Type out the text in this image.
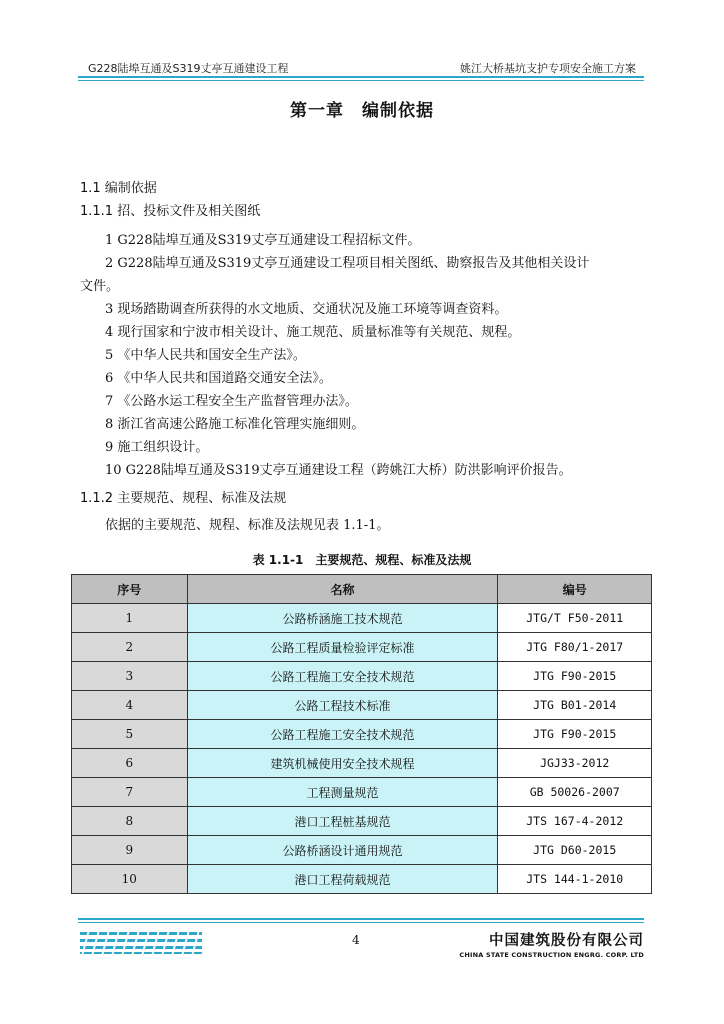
G228陆埠互通及S319丈亭互通建设工程	姚江大桥基坑支护专项安全施工方案
第一章　编制依据
1.1 编制依据
1.1.1 招、投标文件及相关图纸
1 G228陆埠互通及S319丈亭互通建设工程招标文件。
2 G228陆埠互通及S319丈亭互通建设工程项目相关图纸、勘察报告及其他相关设计
文件。
3 现场踏勘调查所获得的水文地质、交通状况及施工环境等调查资料。
4 现行国家和宁波市相关设计、施工规范、质量标准等有关规范、规程。
5 《中华人民共和国安全生产法》。
6 《中华人民共和国道路交通安全法》。
7 《公路水运工程安全生产监督管理办法》。
8 浙江省高速公路施工标准化管理实施细则。
9 施工组织设计。
10 G228陆埠互通及S319丈亭互通建设工程（跨姚江大桥）防洪影响评价报告。
1.1.2 主要规范、规程、标准及法规
依据的主要规范、规程、标准及法规见表 1.1-1。
表 1.1-1　主要规范、规程、标准及法规
序号	名称	编号
1	公路桥涵施工技术规范	JTG/T F50-2011
2	公路工程质量检验评定标准	JTG F80/1-2017
3	公路工程施工安全技术规范	JTG F90-2015
4	公路工程技术标准	JTG B01-2014
5	公路工程施工安全技术规范	JTG F90-2015
6	建筑机械使用安全技术规程	JGJ33-2012
7	工程测量规范	GB 50026-2007
8	港口工程桩基规范	JTS 167-4-2012
9	公路桥涵设计通用规范	JTG D60-2015
10	港口工程荷载规范	JTS 144-1-2010
4	中国建筑股份有限公司
CHINA STATE CONSTRUCTION ENGRG. CORP. LTD
